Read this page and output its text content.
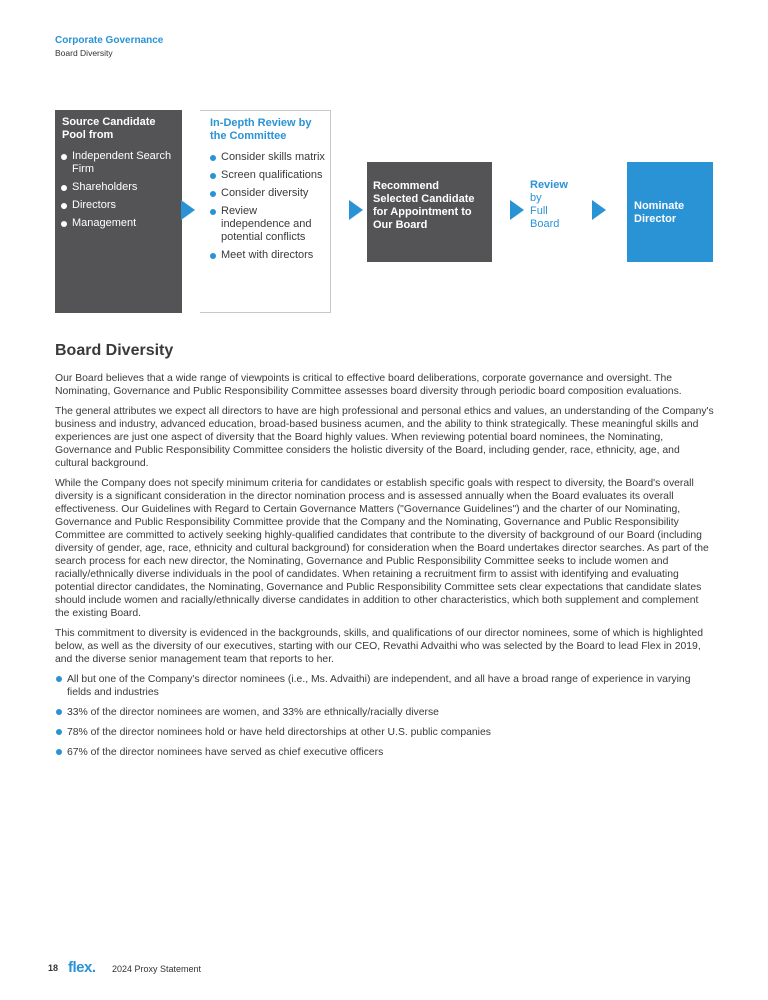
Corporate Governance
Board Diversity
Source Candidate Pool from
Independent Search Firm
Shareholders
Directors
Management
In-Depth Review by the Committee
Consider skills matrix
Screen qualifications
Consider diversity
Review independence and potential conflicts
Meet with directors
Recommend Selected Candidate for Appointment to Our Board
Review
by
Full
Board
Nominate Director
Board Diversity

Our Board believes that a wide range of viewpoints is critical to effective board deliberations, corporate governance and oversight. The Nominating, Governance and Public Responsibility Committee assesses board diversity through periodic board composition evaluations.

The general attributes we expect all directors to have are high professional and personal ethics and values, an understanding of the Company's business and industry, advanced education, broad-based business acumen, and the ability to think strategically. These meaningful skills and experiences are just one aspect of diversity that the Board highly values. When reviewing potential board nominees, the Nominating, Governance and Public Responsibility Committee considers the holistic diversity of the Board, including gender, race, ethnicity, age, and cultural background.

While the Company does not specify minimum criteria for candidates or establish specific goals with respect to diversity, the Board's overall diversity is a significant consideration in the director nomination process and is assessed annually when the Board evaluates its overall effectiveness. Our Guidelines with Regard to Certain Governance Matters ("Governance Guidelines") and the charter of our Nominating, Governance and Public Responsibility Committee provide that the Company and the Nominating, Governance and Public Responsibility Committee are committed to actively seeking highly-qualified candidates that contribute to the diversity of background of our Board (including diversity of gender, age, race, ethnicity and cultural background) for consideration when the Board undertakes director searches. As part of the search process for each new director, the Nominating, Governance and Public Responsibility Committee seeks to include women and racially/ethnically diverse individuals in the pool of candidates. When retaining a recruitment firm to assist with identifying and evaluating potential director candidates, the Nominating, Governance and Public Responsibility Committee sets clear expectations that candidate slates should include women and racially/ethnically diverse candidates in addition to other characteristics, which both supplement and complement the existing Board.

This commitment to diversity is evidenced in the backgrounds, skills, and qualifications of our director nominees, some of which is highlighted below, as well as the diversity of our executives, starting with our CEO, Revathi Advaithi who was selected by the Board to lead Flex in 2019, and the diverse senior management team that reports to her.

All but one of the Company's director nominees (i.e., Ms. Advaithi) are independent, and all have a broad range of experience in varying fields and industries
33% of the director nominees are women, and 33% are ethnically/racially diverse
78% of the director nominees hold or have held directorships at other U.S. public companies
67% of the director nominees have served as chief executive officers
18 flex. 2024 Proxy Statement
